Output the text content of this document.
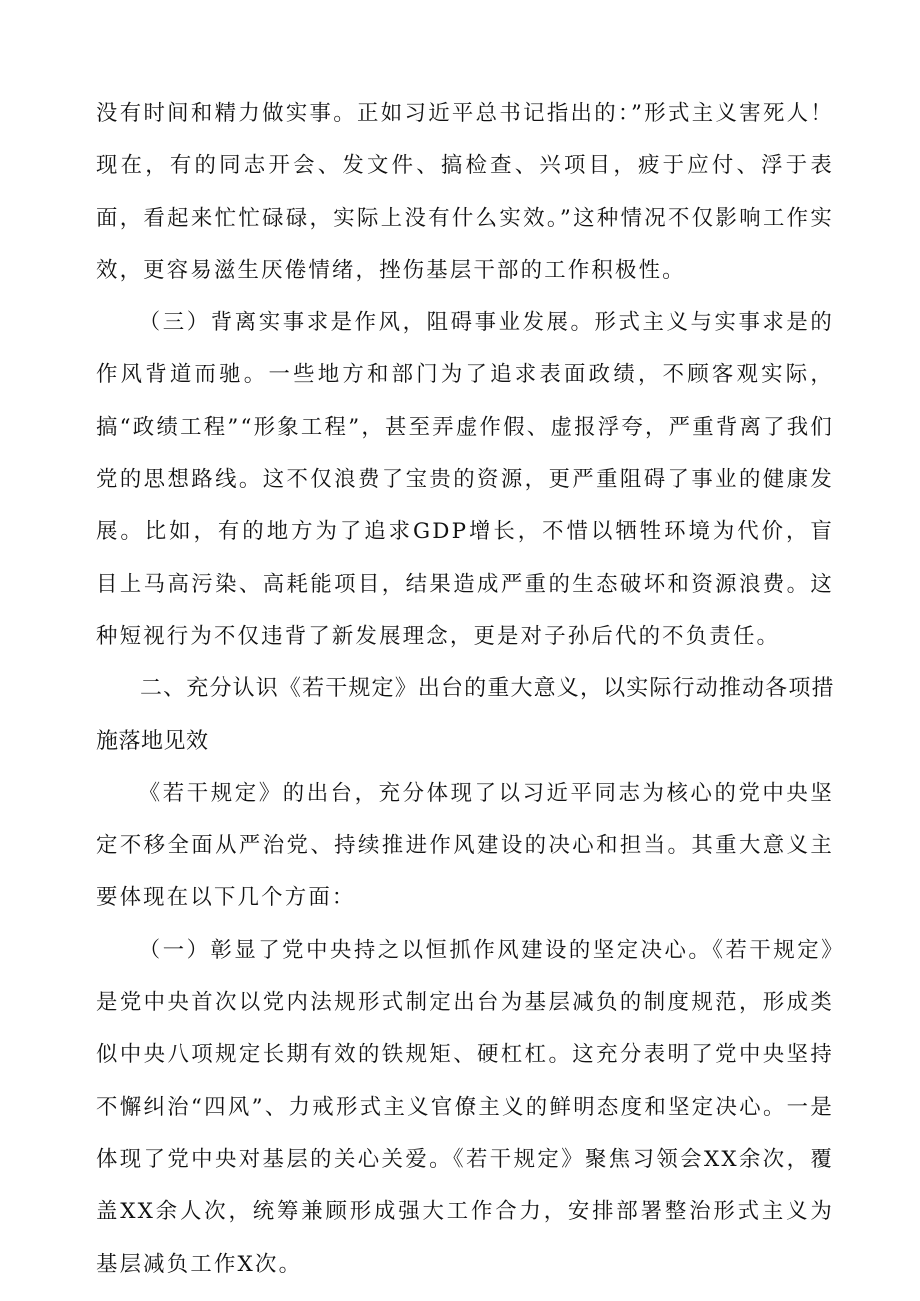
没有时间和精力做实事。正如习近平总书记指出的：”形式主义害死人！现在，有的同志开会、发文件、搞检查、兴项目，疲于应付、浮于表面，看起来忙忙碌碌，实际上没有什么实效。”这种情况不仅影响工作实效，更容易滋生厌倦情绪，挫伤基层干部的工作积极性。

（三）背离实事求是作风，阻碍事业发展。形式主义与实事求是的作风背道而驰。一些地方和部门为了追求表面政绩，不顾客观实际，搞“政绩工程”“形象工程”，甚至弄虚作假、虚报浮夸，严重背离了我们党的思想路线。这不仅浪费了宝贵的资源，更严重阻碍了事业的健康发展。比如，有的地方为了追求GDP增长，不惜以牺牲环境为代价，盲目上马高污染、高耗能项目，结果造成严重的生态破坏和资源浪费。这种短视行为不仅违背了新发展理念，更是对子孙后代的不负责任。

二、充分认识《若干规定》出台的重大意义，以实际行动推动各项措施落地见效

《若干规定》的出台，充分体现了以习近平同志为核心的党中央坚定不移全面从严治党、持续推进作风建设的决心和担当。其重大意义主要体现在以下几个方面：

（一）彰显了党中央持之以恒抓作风建设的坚定决心。《若干规定》是党中央首次以党内法规形式制定出台为基层减负的制度规范，形成类似中央八项规定长期有效的铁规矩、硬杠杠。这充分表明了党中央坚持不懈纠治“四风”、力戒形式主义官僚主义的鲜明态度和坚定决心。一是体现了党中央对基层的关心关爱。《若干规定》聚焦习领会XX余次，覆盖XX余人次，统筹兼顾形成强大工作合力，安排部署整治形式主义为基层减负工作X次。
